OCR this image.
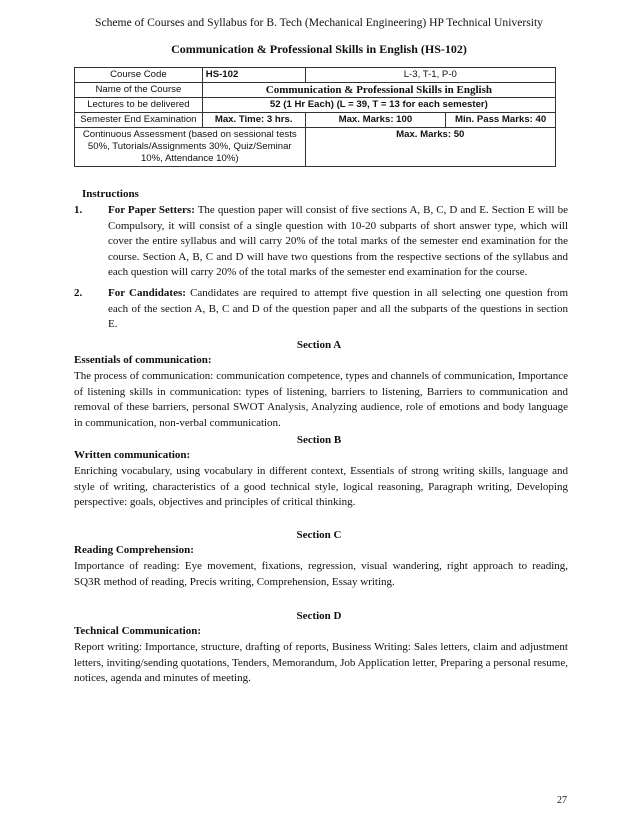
Scheme of Courses and Syllabus for B. Tech (Mechanical Engineering) HP Technical University
Communication & Professional Skills in English (HS-102)
Course Code	HS-102	L-3, T-1, P-0	
Name of the Course	Communication & Professional Skills in English		
Lectures to be delivered	52 (1 Hr Each) (L = 39, T = 13 for each semester)		
Semester End Examination	Max. Time: 3 hrs.	Max. Marks: 100	Min. Pass Marks: 40
Continuous Assessment (based on sessional tests 50%, Tutorials/Assignments 30%, Quiz/Seminar 10%, Attendance 10%)		Max. Marks: 50	
Instructions
1. For Paper Setters: The question paper will consist of five sections A, B, C, D and E. Section E will be Compulsory, it will consist of a single question with 10-20 subparts of short answer type, which will cover the entire syllabus and will carry 20% of the total marks of the semester end examination for the course. Section A, B, C and D will have two questions from the respective sections of the syllabus and each question will carry 20% of the total marks of the semester end examination for the course.
2. For Candidates: Candidates are required to attempt five question in all selecting one question from each of the section A, B, C and D of the question paper and all the subparts of the questions in section E.
Section A
Essentials of communication:
The process of communication: communication competence, types and channels of communication, Importance of listening skills in communication: types of listening, barriers to listening, Barriers to communication and removal of these barriers, personal SWOT Analysis, Analyzing audience, role of emotions and body language in communication, non-verbal communication.
Section B
Written communication:
Enriching vocabulary, using vocabulary in different context, Essentials of strong writing skills, language and style of writing, characteristics of a good technical style, logical reasoning, Paragraph writing, Developing perspective: goals, objectives and principles of critical thinking.
Section C
Reading Comprehension:
Importance of reading: Eye movement, fixations, regression, visual wandering, right approach to reading, SQ3R method of reading, Precis writing, Comprehension, Essay writing.
Section D
Technical Communication:
Report writing: Importance, structure, drafting of reports, Business Writing: Sales letters, claim and adjustment letters, inviting/sending quotations, Tenders, Memorandum, Job Application letter, Preparing a personal resume, notices, agenda and minutes of meeting.
27
